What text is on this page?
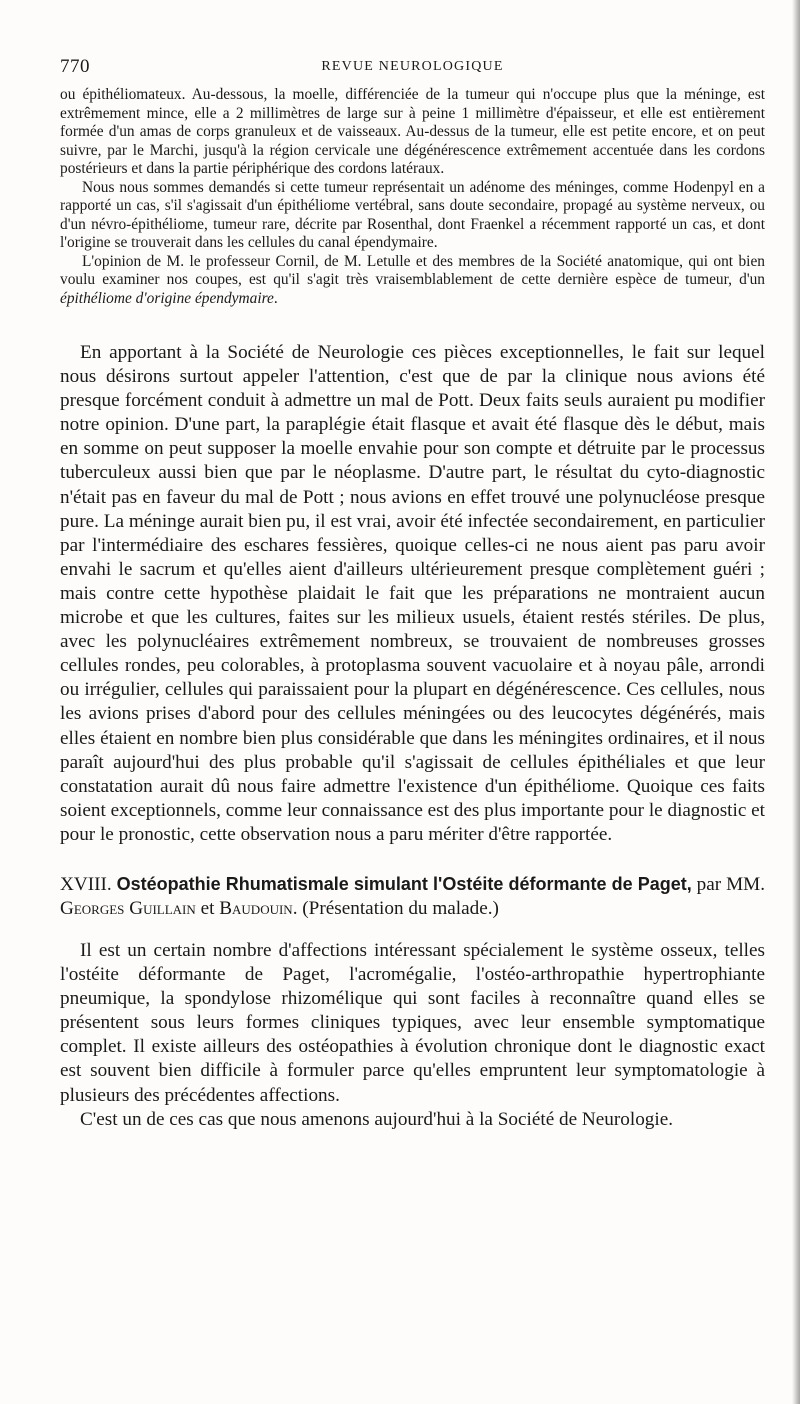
770	REVUE NEUROLOGIQUE

ou épithéliomateux. Au-dessous, la moelle, différenciée de la tumeur qui n'occupe plus que la méninge, est extrêmement mince, elle a 2 millimètres de large sur à peine 1 millimètre d'épaisseur, et elle est entièrement formée d'un amas de corps granuleux et de vaisseaux. Au-dessus de la tumeur, elle est petite encore, et on peut suivre, par le Marchi, jusqu'à la région cervicale une dégénérescence extrêmement accentuée dans les cordons postérieurs et dans la partie périphérique des cordons latéraux.

Nous nous sommes demandés si cette tumeur représentait un adénome des méninges, comme Hodenpyl en a rapporté un cas, s'il s'agissait d'un épithéliome vertébral, sans doute secondaire, propagé au système nerveux, ou d'un névro-épithéliome, tumeur rare, décrite par Rosenthal, dont Fraenkel a récemment rapporté un cas, et dont l'origine se trouverait dans les cellules du canal épendymaire.

L'opinion de M. le professeur Cornil, de M. Letulle et des membres de la Société anatomique, qui ont bien voulu examiner nos coupes, est qu'il s'agit très vraisemblablement de cette dernière espèce de tumeur, d'un épithéliome d'origine épendymaire.

En apportant à la Société de Neurologie ces pièces exceptionnelles, le fait sur lequel nous désirons surtout appeler l'attention, c'est que de par la clinique nous avions été presque forcément conduit à admettre un mal de Pott. Deux faits seuls auraient pu modifier notre opinion. D'une part, la paraplégie était flasque et avait été flasque dès le début, mais en somme on peut supposer la moelle envahie pour son compte et détruite par le processus tuberculeux aussi bien que par le néoplasme. D'autre part, le résultat du cyto-diagnostic n'était pas en faveur du mal de Pott ; nous avions en effet trouvé une polynucléose presque pure. La méninge aurait bien pu, il est vrai, avoir été infectée secondairement, en particulier par l'intermédiaire des eschares fessières, quoique celles-ci ne nous aient pas paru avoir envahi le sacrum et qu'elles aient d'ailleurs ultérieurement presque complètement guéri ; mais contre cette hypothèse plaidait le fait que les préparations ne montraient aucun microbe et que les cultures, faites sur les milieux usuels, étaient restés stériles. De plus, avec les polynucléaires extrêmement nombreux, se trouvaient de nombreuses grosses cellules rondes, peu colorables, à protoplasma souvent vacuolaire et à noyau pâle, arrondi ou irrégulier, cellules qui paraissaient pour la plupart en dégénérescence. Ces cellules, nous les avions prises d'abord pour des cellules méningées ou des leucocytes dégénérés, mais elles étaient en nombre bien plus considérable que dans les méningites ordinaires, et il nous paraît aujourd'hui des plus probable qu'il s'agissait de cellules épithéliales et que leur constatation aurait dû nous faire admettre l'existence d'un épithéliome. Quoique ces faits soient exceptionnels, comme leur connaissance est des plus importante pour le diagnostic et pour le pronostic, cette observation nous a paru mériter d'être rapportée.

XVIII. Ostéopathie Rhumatismale simulant l'Ostéite déformante de Paget, par MM. Georges Guillain et Baudouin. (Présentation du malade.)

Il est un certain nombre d'affections intéressant spécialement le système osseux, telles l'ostéite déformante de Paget, l'acromégalie, l'ostéo-arthropathie hypertrophiante pneumique, la spondylose rhizomélique qui sont faciles à reconnaître quand elles se présentent sous leurs formes cliniques typiques, avec leur ensemble symptomatique complet. Il existe ailleurs des ostéopathies à évolution chronique dont le diagnostic exact est souvent bien difficile à formuler parce qu'elles empruntent leur symptomatologie à plusieurs des précédentes affections.

C'est un de ces cas que nous amenons aujourd'hui à la Société de Neurologie.
